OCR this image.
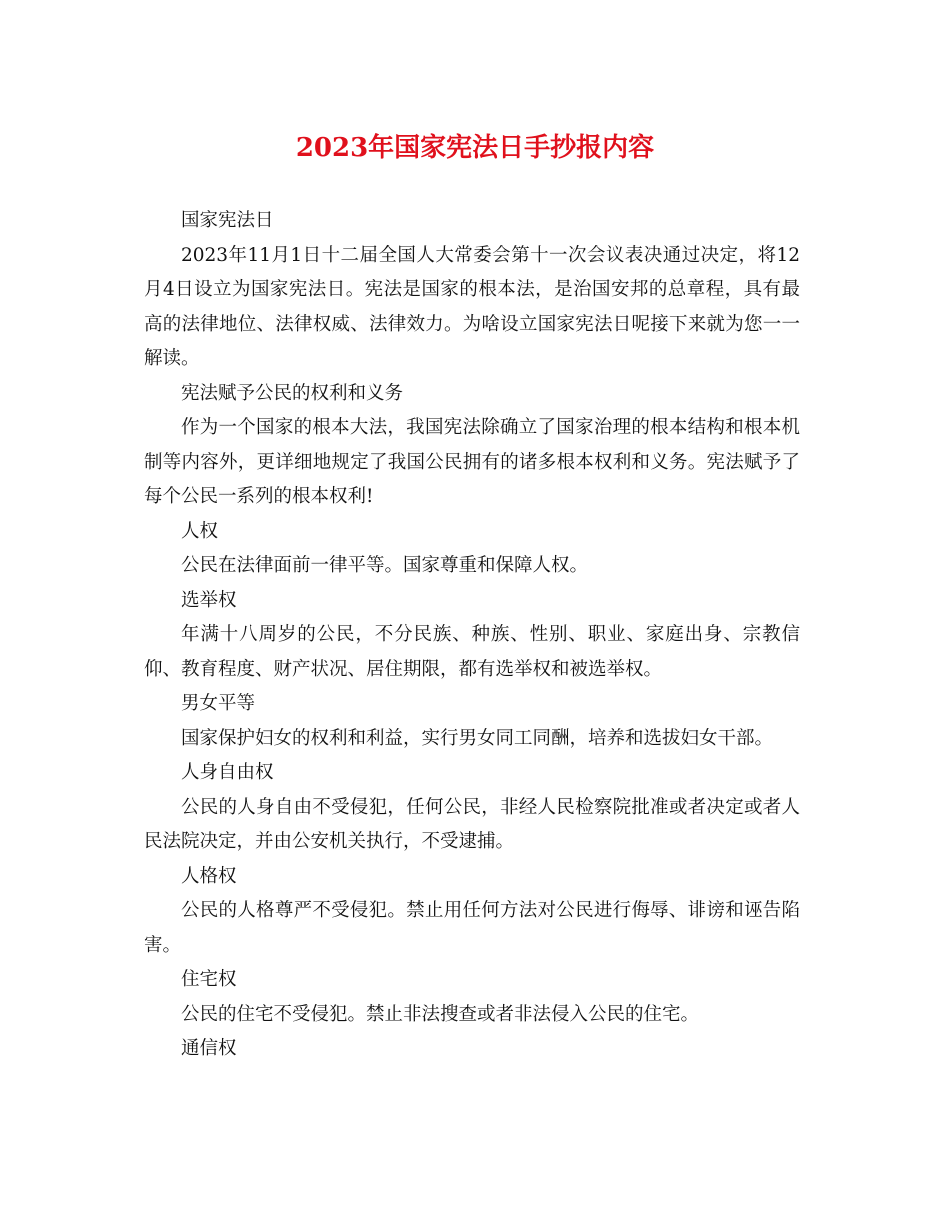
2023年国家宪法日手抄报内容

国家宪法日

2023年11月1日十二届全国人大常委会第十一次会议表决通过决定，将12月4日设立为国家宪法日。宪法是国家的根本法，是治国安邦的总章程，具有最高的法律地位、法律权威、法律效力。为啥设立国家宪法日呢接下来就为您一一解读。

宪法赋予公民的权利和义务

作为一个国家的根本大法，我国宪法除确立了国家治理的根本结构和根本机制等内容外，更详细地规定了我国公民拥有的诸多根本权利和义务。宪法赋予了每个公民一系列的根本权利!

人权

公民在法律面前一律平等。国家尊重和保障人权。

选举权

年满十八周岁的公民，不分民族、种族、性别、职业、家庭出身、宗教信仰、教育程度、财产状况、居住期限，都有选举权和被选举权。

男女平等

国家保护妇女的权利和利益，实行男女同工同酬，培养和选拔妇女干部。

人身自由权

公民的人身自由不受侵犯，任何公民，非经人民检察院批准或者决定或者人民法院决定，并由公安机关执行，不受逮捕。

人格权

公民的人格尊严不受侵犯。禁止用任何方法对公民进行侮辱、诽谤和诬告陷害。

住宅权

公民的住宅不受侵犯。禁止非法搜查或者非法侵入公民的住宅。

通信权
